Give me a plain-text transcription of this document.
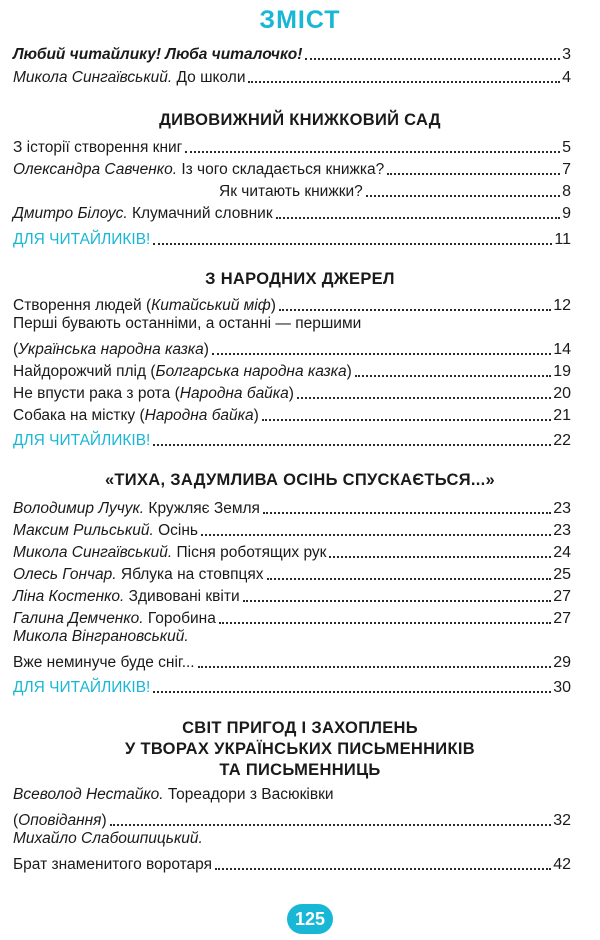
ЗМІСТ
Любий читайлику! Люба читалочко!	3
Микола Сингаївський. До школи	4
ДИВОВИЖНИЙ КНИЖКОВИЙ САД
З історії створення книг	5
Олександра Савченко. Із чого складається книжка?	7
Як читають книжки?	8
Дмитро Білоус. Клумачний словник	9
ДЛЯ ЧИТАЙЛИКІВ!	11
З НАРОДНИХ ДЖЕРЕЛ
Створення людей (Китайський міф)	12
Перші бувають останніми, а останні — першими
(Українська народна казка)	14
Найдорожчий плід (Болгарська народна казка)	19
Не впусти рака з рота (Народна байка)	20
Собака на містку (Народна байка)	21
ДЛЯ ЧИТАЙЛИКІВ!	22
«ТИХА, ЗАДУМЛИВА ОСІНЬ СПУСКАЄТЬСЯ...»
Володимир Лучук. Кружляє Земля	23
Максим Рильський. Осінь	23
Микола Сингаївський. Пісня роботящих рук	24
Олесь Гончар. Яблука на стовпцях	25
Ліна Костенко. Здивовані квіти	27
Галина Демченко. Горобина	27
Микола Вінграновський.
Вже неминуче буде сніг...	29
ДЛЯ ЧИТАЙЛИКІВ!	30
СВІТ ПРИГОД І ЗАХОПЛЕНЬ
У ТВОРАХ УКРАЇНСЬКИХ ПИСЬМЕННИКІВ
ТА ПИСЬМЕННИЦЬ
Всеволод Нестайко. Тореадори з Васюківки
(Оповідання)	32
Михайло Слабошпицький.
Брат знаменитого воротаря	42
125
